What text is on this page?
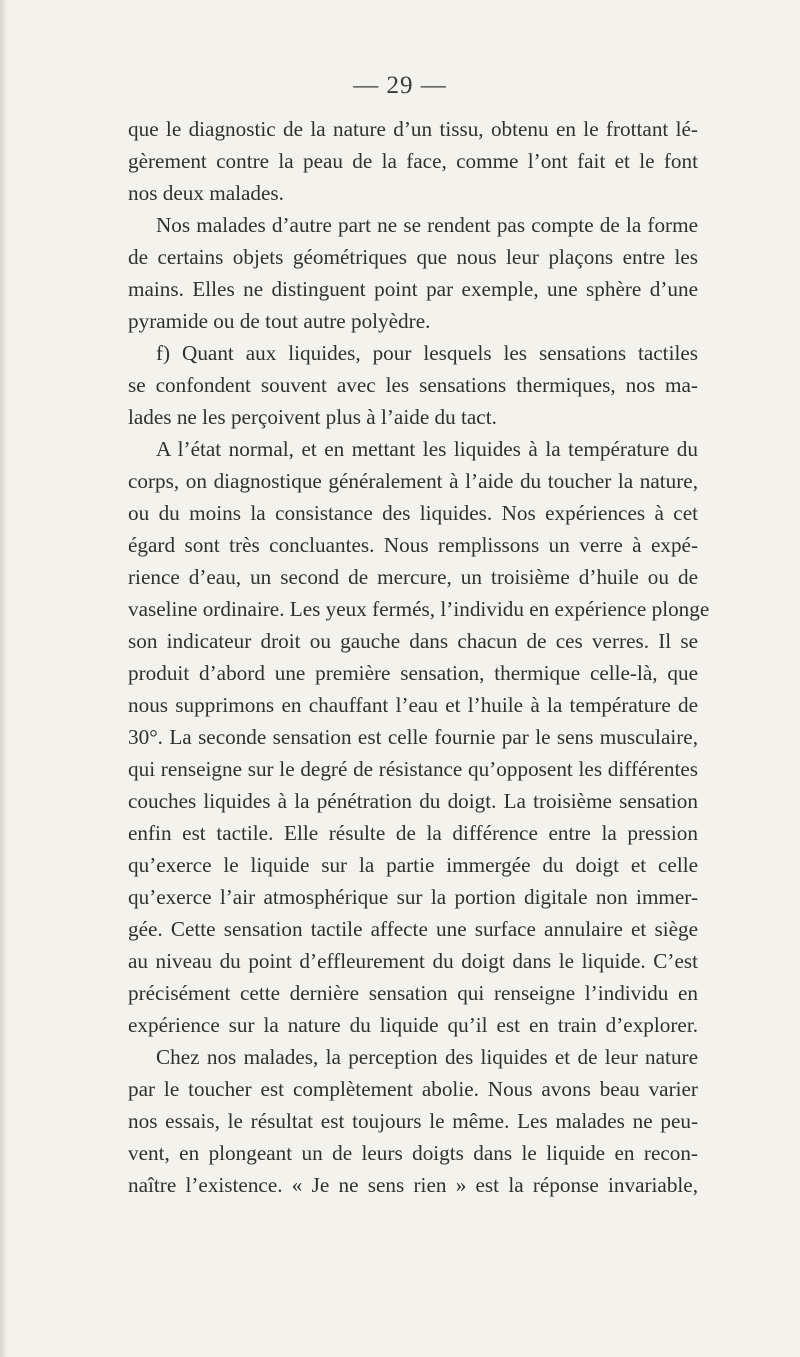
— 29 —
que le diagnostic de la nature d’un tissu, obtenu en le frottant lé-
gèrement contre la peau de la face, comme l’ont fait et le font
nos deux malades.
Nos malades d’autre part ne se rendent pas compte de la forme
de certains objets géométriques que nous leur plaçons entre les
mains. Elles ne distinguent point par exemple, une sphère d’une
pyramide ou de tout autre polyèdre.
f) Quant aux liquides, pour lesquels les sensations tactiles
se confondent souvent avec les sensations thermiques, nos ma-
lades ne les perçoivent plus à l’aide du tact.
A l’état normal, et en mettant les liquides à la température du
corps, on diagnostique généralement à l’aide du toucher la nature,
ou du moins la consistance des liquides. Nos expériences à cet
égard sont très concluantes. Nous remplissons un verre à expé-
rience d’eau, un second de mercure, un troisième d’huile ou de
vaseline ordinaire. Les yeux fermés, l’individu en expérience plonge
son indicateur droit ou gauche dans chacun de ces verres. Il se
produit d’abord une première sensation, thermique celle-là, que
nous supprimons en chauffant l’eau et l’huile à la température de
30°. La seconde sensation est celle fournie par le sens musculaire,
qui renseigne sur le degré de résistance qu’opposent les différentes
couches liquides à la pénétration du doigt. La troisième sensation
enfin est tactile. Elle résulte de la différence entre la pression
qu’exerce le liquide sur la partie immergée du doigt et celle
qu’exerce l’air atmosphérique sur la portion digitale non immer-
gée. Cette sensation tactile affecte une surface annulaire et siège
au niveau du point d’effleurement du doigt dans le liquide. C’est
précisément cette dernière sensation qui renseigne l’individu en
expérience sur la nature du liquide qu’il est en train d’explorer.
Chez nos malades, la perception des liquides et de leur nature
par le toucher est complètement abolie. Nous avons beau varier
nos essais, le résultat est toujours le même. Les malades ne peu-
vent, en plongeant un de leurs doigts dans le liquide en recon-
naître l’existence. « Je ne sens rien » est la réponse invariable,
